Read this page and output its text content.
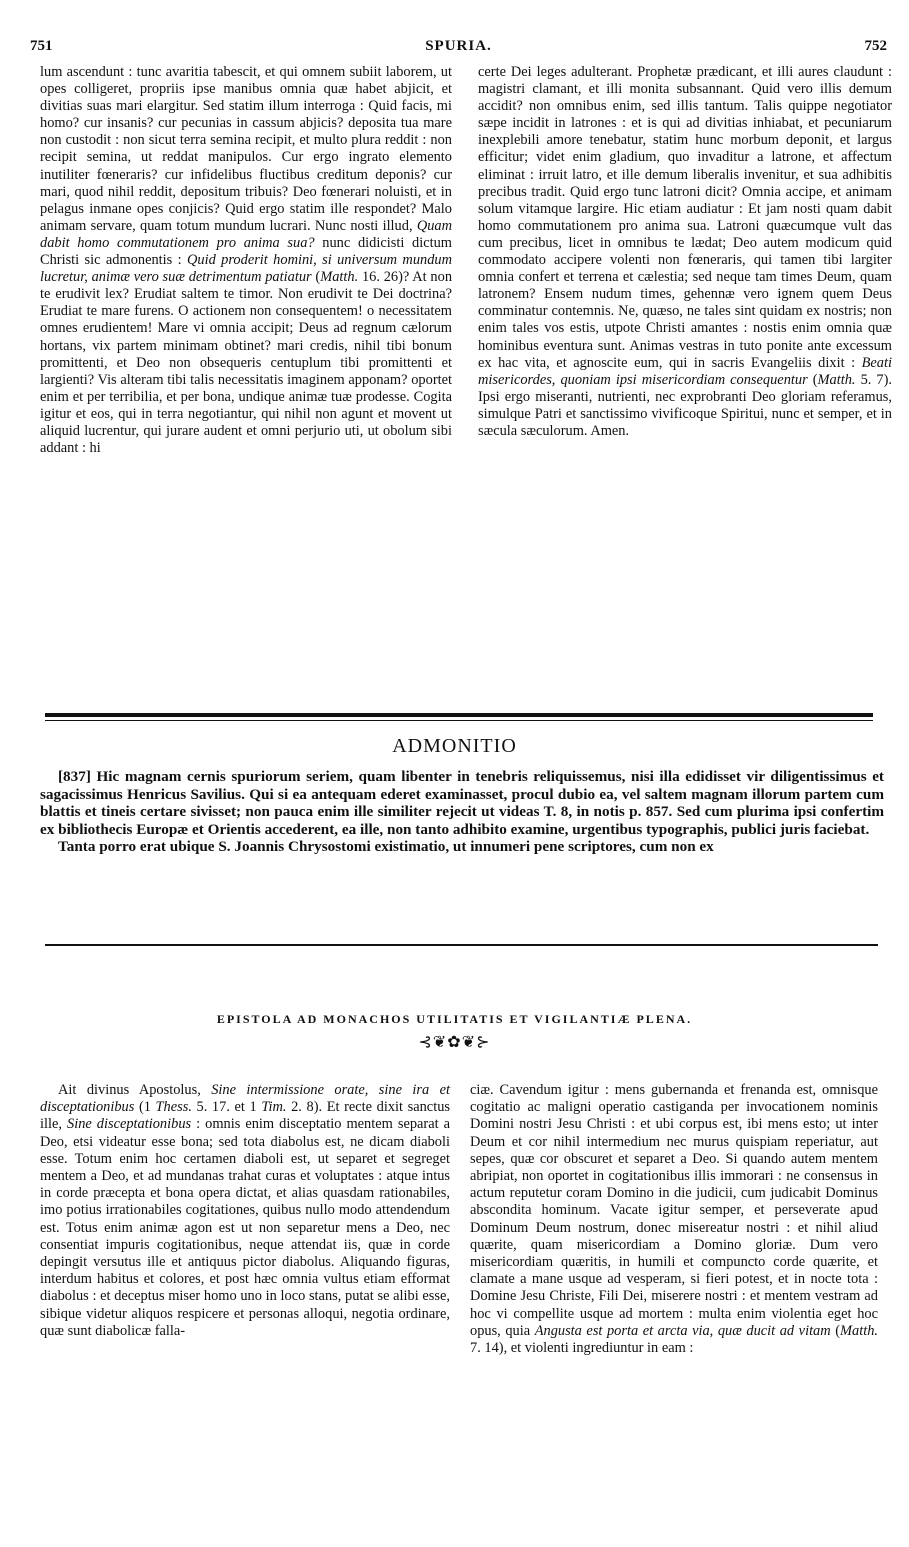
751	SPURIA.	752

lum ascendunt : tunc avaritia tabescit, et qui omnem subiit laborem, ut opes colligeret, propriis ipse manibus omnia quæ habet abjicit, et divitias suas mari elargitur. Sed statim illum interroga : Quid facis, mi homo? cur insanis? cur pecunias in cassum abjicis? deposita tua mare non custodit : non sicut terra semina recipit, et multo plura reddit : non recipit semina, ut reddat manipulos. Cur ergo ingrato elemento inutiliter fœneraris? cur infidelibus fluctibus creditum deponis? cur mari, quod nihil reddit, depositum tribuis? Deo fœnerari noluisti, et in pelagus inmane opes conjicis? Quid ergo statim ille respondet? Malo animam servare, quam totum mundum lucrari. Nunc nosti illud, Quam dabit homo commutationem pro anima sua? nunc didicisti dictum Christi sic admonentis : Quid proderit homini, si universum mundum lucretur, animæ vero suæ detrimentum patiatur (Matth. 16. 26)? At non te erudivit lex? Erudiat saltem te timor. Non erudivit te Dei doctrina? Erudiat te mare furens. O actionem non consequentem! o necessitatem omnes erudientem! Mare vi omnia accipit; Deus ad regnum cælorum hortans, vix partem minimam obtinet? mari credis, nihil tibi bonum promittenti, et Deo non obsequeris centuplum tibi promittenti et largienti? Vis alteram tibi talis necessitatis imaginem apponam? oportet enim et per terribilia, et per bona, undique animæ tuæ prodesse. Cogita igitur et eos, qui in terra negotiantur, qui nihil non agunt et movent ut aliquid lucrentur, qui jurare audent et omni perjurio uti, ut obolum sibi addant : hi

certe Dei leges adulterant. Prophetæ prædicant, et illi aures claudunt : magistri clamant, et illi monita subsannant. Quid vero illis demum accidit? non omnibus enim, sed illis tantum. Talis quippe negotiator sæpe incidit in latrones : et is qui ad divitias inhiabat, et pecuniarum inexplebili amore tenebatur, statim hunc morbum deponit, et largus efficitur; videt enim gladium, quo invaditur a latrone, et affectum eliminat : irruit latro, et ille demum liberalis invenitur, et sua adhibitis precibus tradit. Quid ergo tunc latroni dicit? Omnia accipe, et animam solum vitamque largire. Hic etiam audiatur : Et jam nosti quam dabit homo commutationem pro anima sua. Latroni quæcumque vult das cum precibus, licet in omnibus te lædat; Deo autem modicum quid commodato accipere volenti non fœneraris, qui tamen tibi largiter omnia confert et terrena et cælestia; sed neque tam times Deum, quam latronem? Ensem nudum times, gehennæ vero ignem quem Deus comminatur contemnis. Ne, quæso, ne tales sint quidam ex nostris; non enim tales vos estis, utpote Christi amantes : nostis enim omnia quæ hominibus eventura sunt. Animas vestras in tuto ponite ante excessum ex hac vita, et agnoscite eum, qui in sacris Evangeliis dixit : Beati misericordes, quoniam ipsi misericordiam consequentur (Matth. 5. 7). Ipsi ergo miseranti, nutrienti, nec exprobranti Deo gloriam referamus, simulque Patri et sanctissimo vivificoque Spiritui, nunc et semper, et in sæcula sæculorum. Amen.

ADMONITIO

[837] Hic magnam cernis spuriorum seriem, quam libenter in tenebris reliquissemus, nisi illa edidisset vir diligentissimus et sagacissimus Henricus Savilius. Qui si ea antequam ederet examinasset, procul dubio ea, vel saltem magnam illorum partem cum blattis et tineis certare sivisset; non pauca enim ille similiter rejecit ut videas T. 8, in notis p. 857. Sed cum plurima ipsi confertim ex bibliothecis Europæ et Orientis accederent, ea ille, non tanto adhibito examine, urgentibus typographis, publici juris faciebat.

Tanta porro erat ubique S. Joannis Chrysostomi existimatio, ut innumeri pene scriptores, cum non ex

EPISTOLA AD MONACHOS UTILITATIS ET VIGILANTIÆ PLENA.
⊰❦✿❦⊱

Ait divinus Apostolus, Sine intermissione orate, sine ira et disceptationibus (1 Thess. 5. 17. et 1 Tim. 2. 8). Et recte dixit sanctus ille, Sine disceptationibus : omnis enim disceptatio mentem separat a Deo, etsi videatur esse bona; sed tota diabolus est, ne dicam diaboli esse. Totum enim hoc certamen diaboli est, ut separet et segreget mentem a Deo, et ad mundanas trahat curas et voluptates : atque intus in corde præcepta et bona opera dictat, et alias quasdam rationabiles, imo potius irrationabiles cogitationes, quibus nullo modo attendendum est. Totus enim animæ agon est ut non separetur mens a Deo, nec consentiat impuris cogitationibus, neque attendat iis, quæ in corde depingit versutus ille et antiquus pictor diabolus. Aliquando figuras, interdum habitus et colores, et post hæc omnia vultus etiam efformat diabolus : et deceptus miser homo uno in loco stans, putat se alibi esse, sibique videtur aliquos respicere et personas alloqui, negotia ordinare, quæ sunt diabolicæ falla-

ciæ. Cavendum igitur : mens gubernanda et frenanda est, omnisque cogitatio ac maligni operatio castiganda per invocationem nominis Domini nostri Jesu Christi : et ubi corpus est, ibi mens esto; ut inter Deum et cor nihil intermedium nec murus quispiam reperiatur, aut sepes, quæ cor obscuret et separet a Deo. Si quando autem mentem abripiat, non oportet in cogitationibus illis immorari : ne consensus in actum reputetur coram Domino in die judicii, cum judicabit Dominus abscondita hominum. Vacate igitur semper, et perseverate apud Dominum Deum nostrum, donec misereatur nostri : et nihil aliud quærite, quam misericordiam a Domino gloriæ. Dum vero misericordiam quæritis, in humili et compuncto corde quærite, et clamate a mane usque ad vesperam, si fieri potest, et in nocte tota : Domine Jesu Christe, Fili Dei, miserere nostri : et mentem vestram ad hoc vi compellite usque ad mortem : multa enim violentia eget hoc opus, quia Angusta est porta et arcta via, quæ ducit ad vitam (Matth. 7. 14), et violenti ingrediuntur in eam :
